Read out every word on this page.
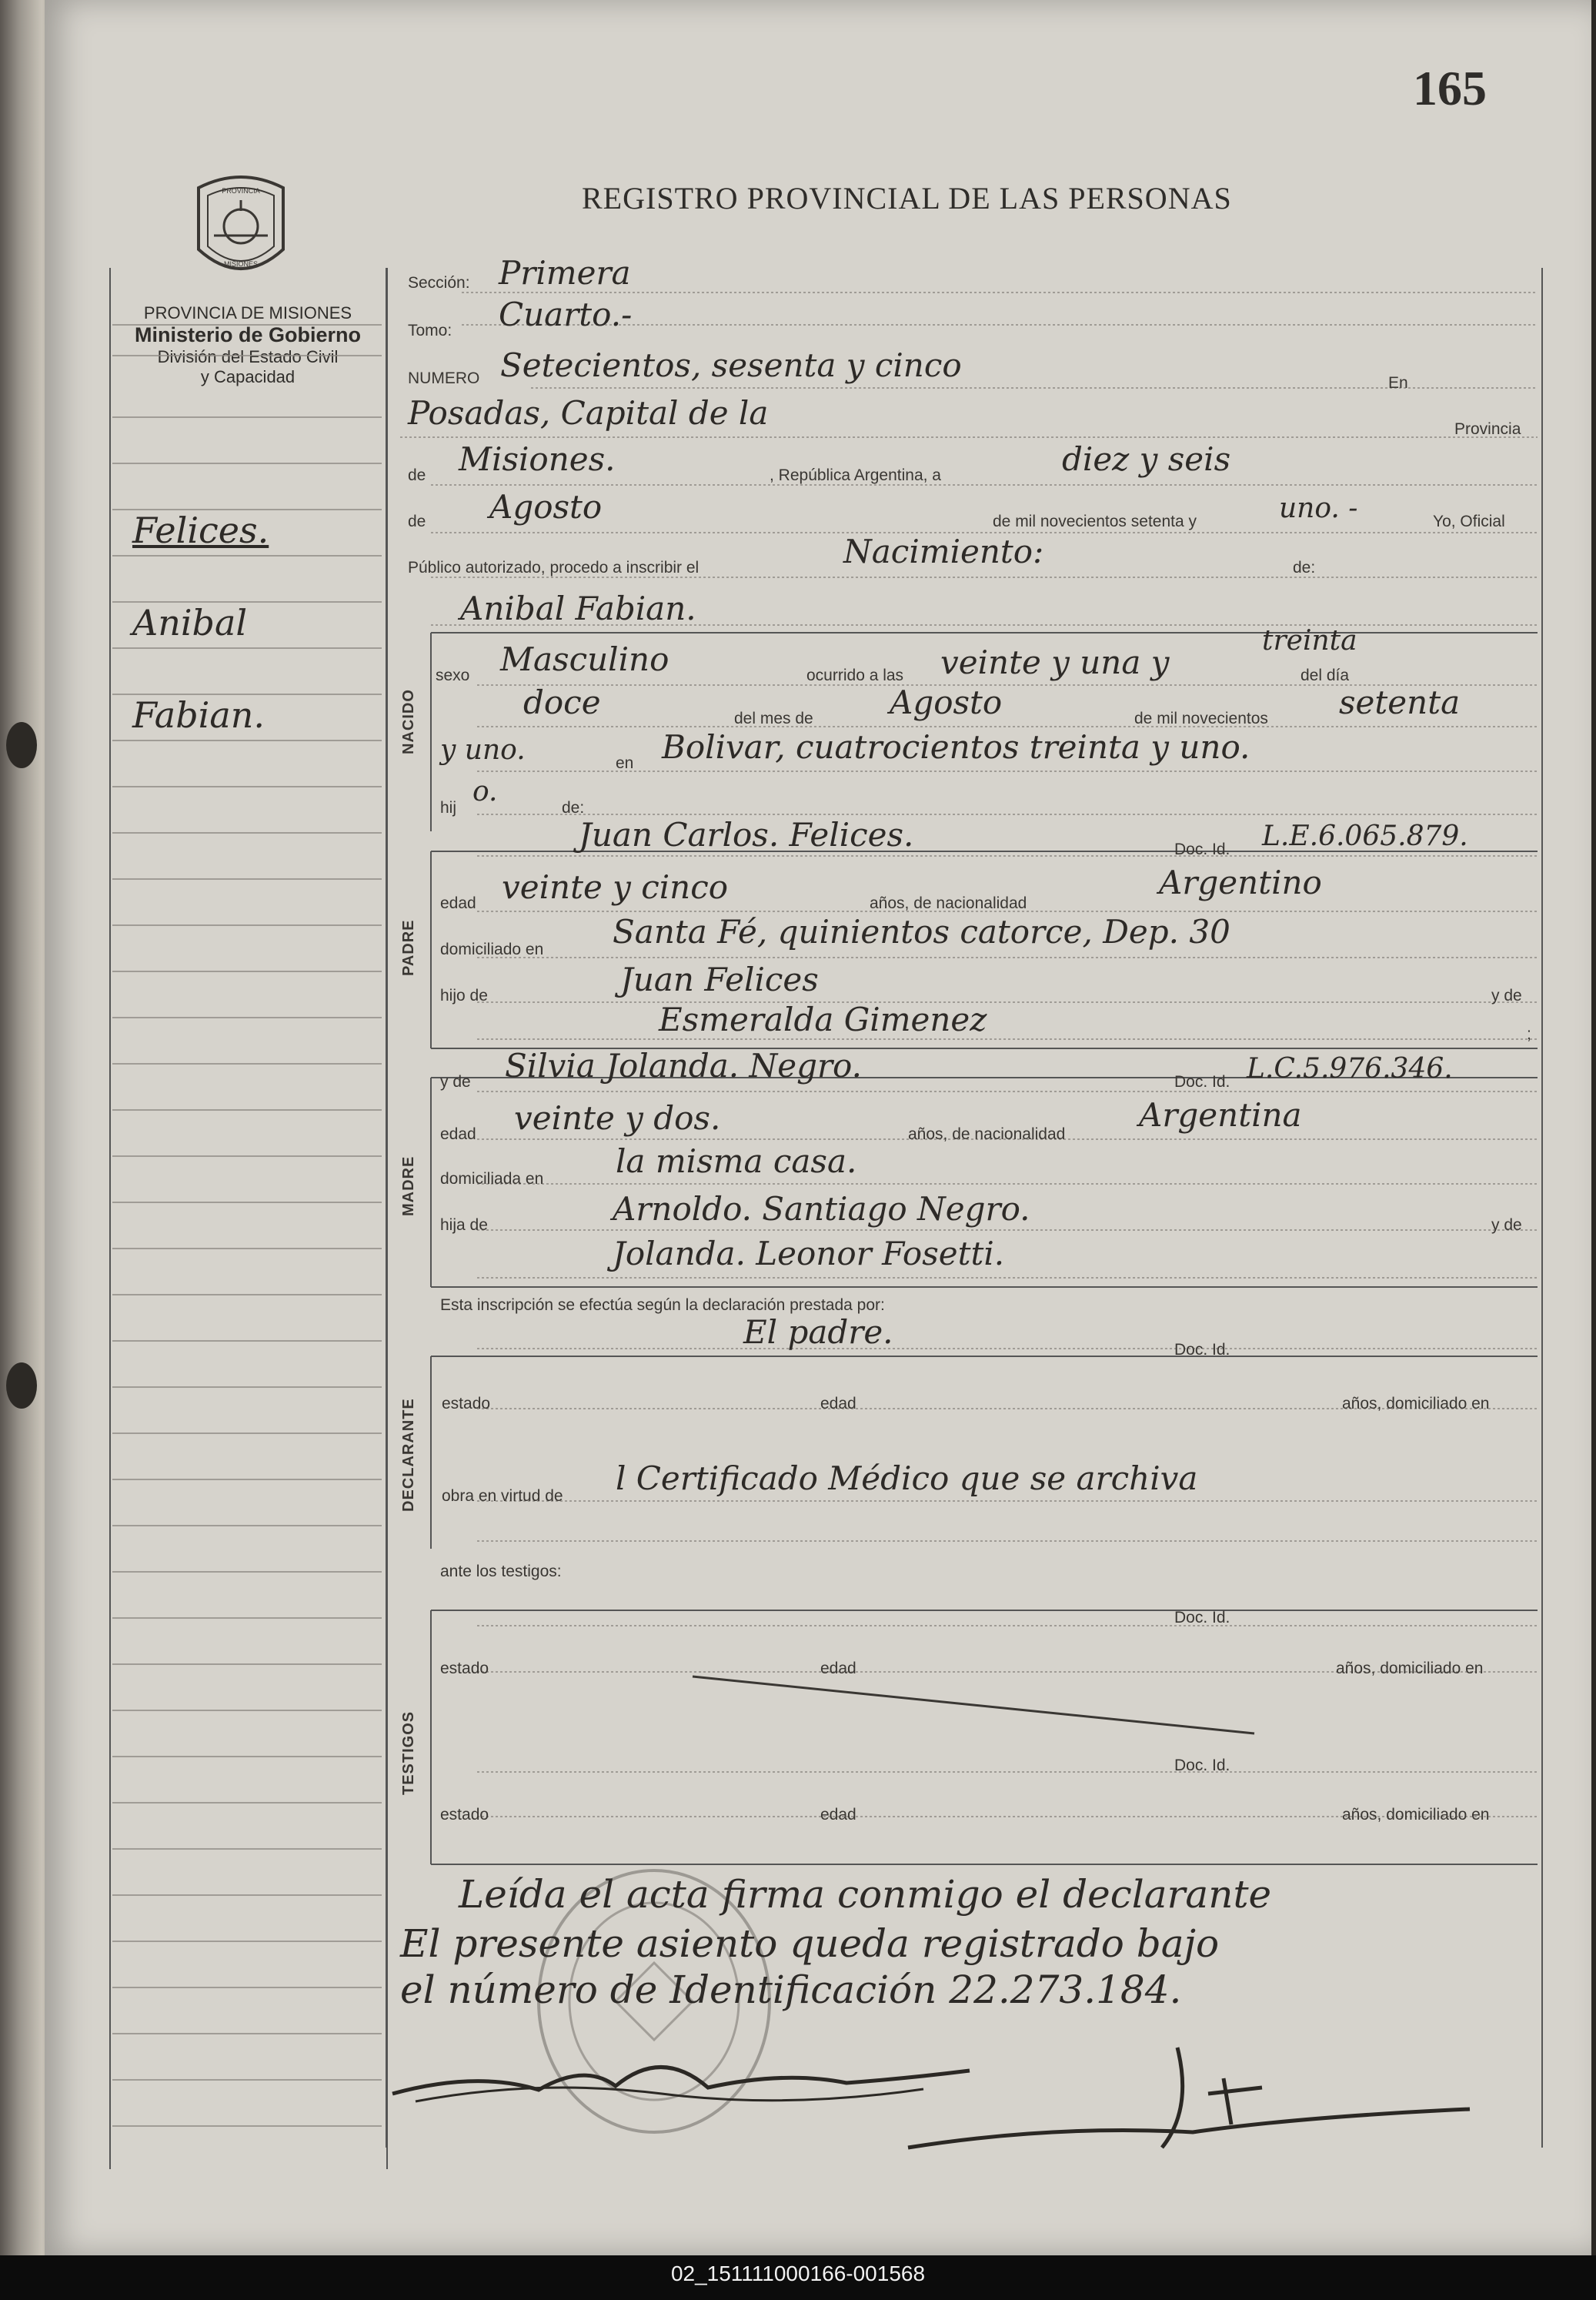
165
REGISTRO PROVINCIAL DE LAS PERSONAS
PROVINCIA
MISIONES
PROVINCIA DE MISIONES
Ministerio de Gobierno
División del Estado Civil
y Capacidad
Felices.
Anibal
Fabian.	NACIDO
PADRE
MADRE
DECLARANTE
TESTIGOS
Sección: Primera
Tomo: Cuarto.-
NUMERO Setecientos, sesenta y cinco	En
Posadas, Capital de la	Provincia
de Misiones.	, República Argentina, a	diez y seis
de Agosto	de mil novecientos setenta y	uno. -	Yo, Oficial
Público autorizado, procedo a inscribir el	Nacimiento:	de:
Anibal Fabian.
sexo Masculino	ocurrido a las veinte y una y
treinta
del día
doce	del mes de Agosto	de mil novecientos setenta
y uno.	en Bolivar, cuatrocientos treinta y uno.
hij
o.
de:
Juan Carlos. Felices.	Doc. Id. L.E.6.065.879.
edad veinte y cinco	años, de nacionalidad
Argentino
domiciliado en Santa Fé, quinientos catorce, Dep. 30
hijo de	Juan Felices	y de
Esmeralda Gimenez	;
y de Silvia Jolanda. Negro.	Doc. Id. L.C.5.976.346.
edad veinte y dos.	años, de nacionalidad
Argentina
domiciliada en la misma casa.
hija de	Arnoldo. Santiago Negro.	y de
Jolanda. Leonor Fosetti.
Esta inscripción se efectúa según la declaración prestada por:
El padre.	Doc. Id.
estado	edad	años, domiciliado en
obra en virtud de l Certificado Médico que se archiva
ante los testigos:
Doc. Id.
estado	edad	años, domiciliado en
Doc. Id.
estado	edad	años, domiciliado en
Leída el acta firma conmigo el declarante
El presente asiento queda registrado bajo
el número de Identificación 22.273.184.
02_151111000166-001568
